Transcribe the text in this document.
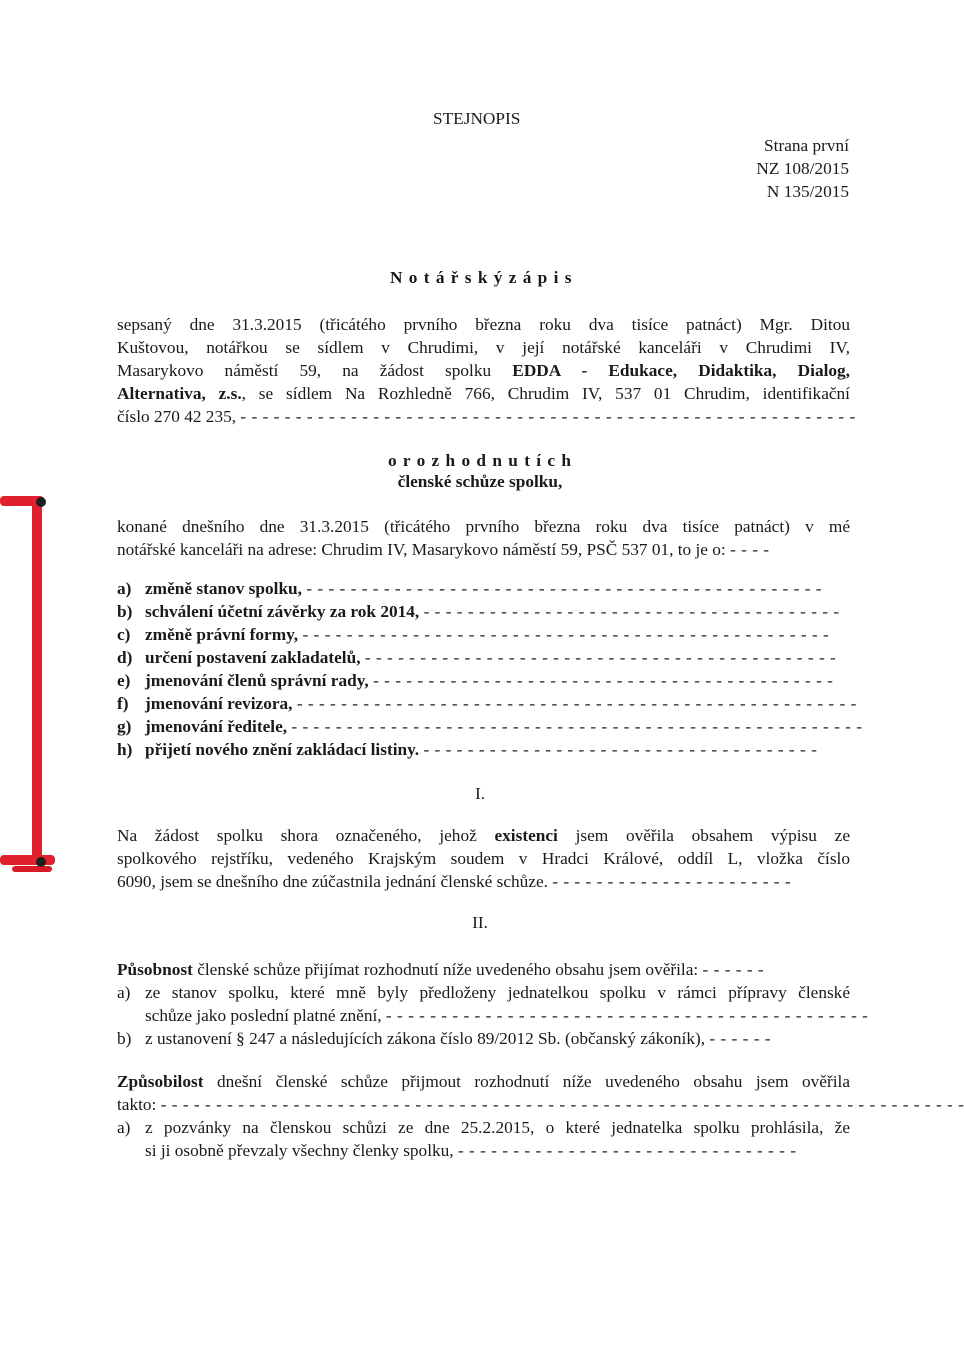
STEJNOPIS
Strana první
NZ 108/2015
N 135/2015
N o t á ř s k ý z á p i s
sepsaný dne 31.3.2015 (třicátého prvního března roku dva tisíce patnáct) Mgr. Ditou
Kuštovou, notářkou se sídlem v Chrudimi, v její notářské kanceláři v Chrudimi IV,
Masarykovo náměstí 59, na žádost spolku EDDA - Edukace, Didaktika, Dialog,
Alternativa, z.s., se sídlem Na Rozhledně 766, Chrudim IV, 537 01 Chrudim, identifikační
číslo 270 42 235, - - - - - - - - - - - - - - - - - - - - - - - - - - - - - - - - - - - - - - - - - - - - - - - - - - - - - - - -
o r o z h o d n u t í c h
členské schůze spolku,
konané dnešního dne 31.3.2015 (třicátého prvního března roku dva tisíce patnáct) v mé
notářské kanceláři na adrese: Chrudim IV, Masarykovo náměstí 59, PSČ 537 01, to je o: - - - -
a) změně stanov spolku, - - - - - - - - - - - - - - - - - - - - - - - - - - - - - - - - - - - - - - - - - - - - - - -
b) schválení účetní závěrky za rok 2014, - - - - - - - - - - - - - - - - - - - - - - - - - - - - - - - - - - - - - -
c) změně právní formy, - - - - - - - - - - - - - - - - - - - - - - - - - - - - - - - - - - - - - - - - - - - - - - - -
d) určení postavení zakladatelů, - - - - - - - - - - - - - - - - - - - - - - - - - - - - - - - - - - - - - - - - - - -
e) jmenování členů správní rady, - - - - - - - - - - - - - - - - - - - - - - - - - - - - - - - - - - - - - - - - - -
f) jmenování revizora, - - - - - - - - - - - - - - - - - - - - - - - - - - - - - - - - - - - - - - - - - - - - - - - - - - -
g) jmenování ředitele, - - - - - - - - - - - - - - - - - - - - - - - - - - - - - - - - - - - - - - - - - - - - - - - - - - - -
h) přijetí nového znění zakládací listiny. - - - - - - - - - - - - - - - - - - - - - - - - - - - - - - - - - - - -
I.
Na žádost spolku shora označeného, jehož existenci jsem ověřila obsahem výpisu ze
spolkového rejstříku, vedeného Krajským soudem v Hradci Králové, oddíl L, vložka číslo
6090, jsem se dnešního dne zúčastnila jednání členské schůze. - - - - - - - - - - - - - - - - - - - - - -
II.
Působnost členské schůze přijímat rozhodnutí níže uvedeného obsahu jsem ověřila: - - - - - -
a) ze stanov spolku, které mně byly předloženy jednatelkou spolku v rámci přípravy členské
schůze jako poslední platné znění, - - - - - - - - - - - - - - - - - - - - - - - - - - - - - - - - - - - - - - - - - - - -
b) z ustanovení § 247 a následujících zákona číslo 89/2012 Sb. (občanský zákoník), - - - - - -
Způsobilost dnešní členské schůze přijmout rozhodnutí níže uvedeného obsahu jsem ověřila
takto: - - - - - - - - - - - - - - - - - - - - - - - - - - - - - - - - - - - - - - - - - - - - - - - - - - - - - - - - - - - - - - - - - - - - - - - - -
a) z pozvánky na členskou schůzi ze dne 25.2.2015, o které jednatelka spolku prohlásila, že
si ji osobně převzaly všechny členky spolku, - - - - - - - - - - - - - - - - - - - - - - - - - - - - - - -
